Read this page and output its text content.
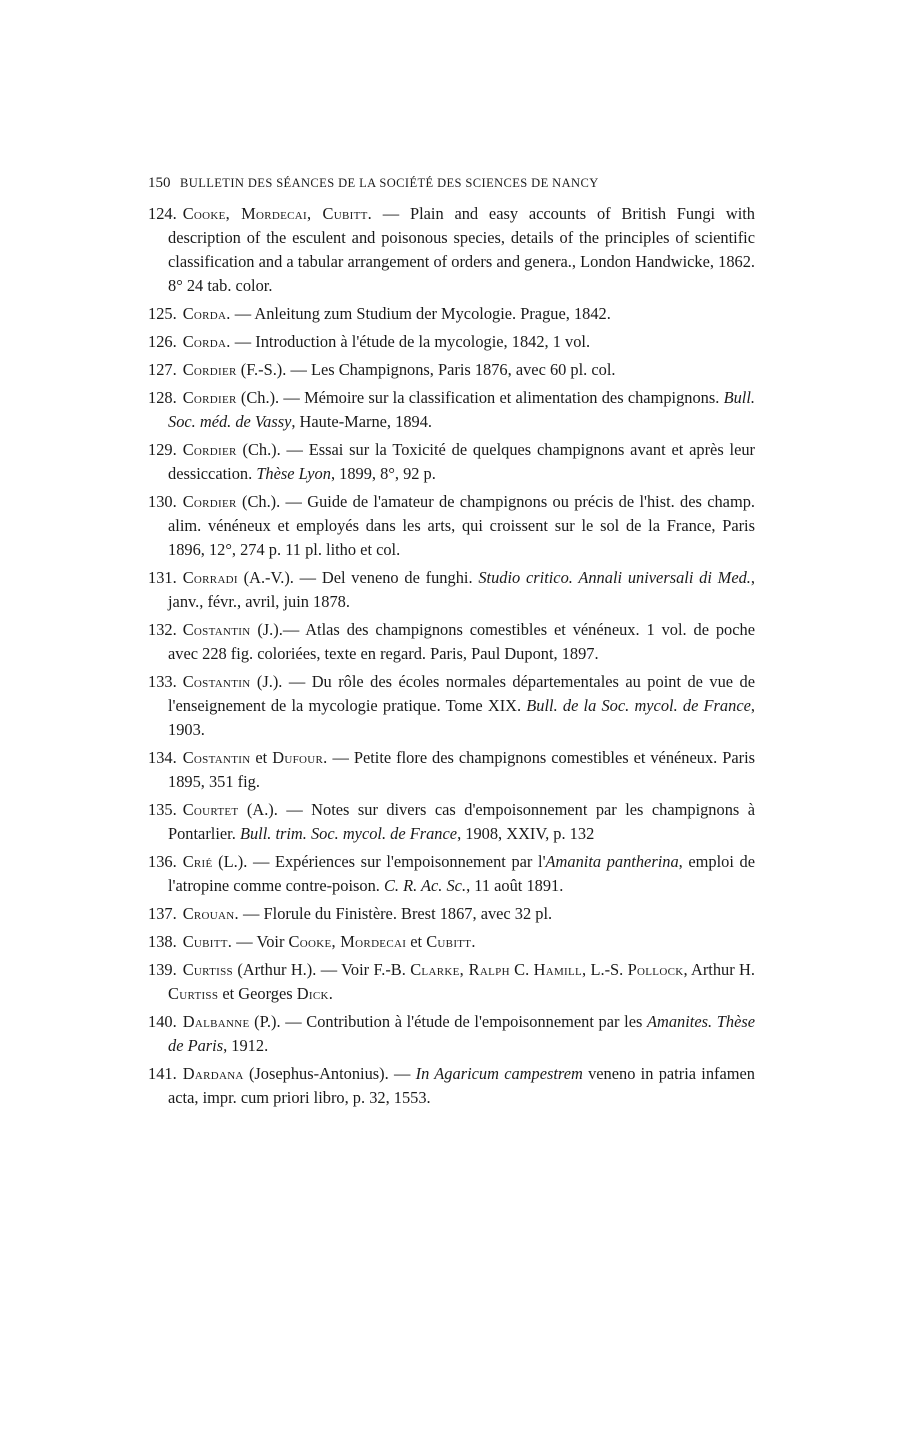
150 BULLETIN DES SÉANCES DE LA SOCIÉTÉ DES SCIENCES DE NANCY
124. Cooke, Mordecai, Cubitt. — Plain and easy accounts of British Fungi with description of the esculent and poisonous species, details of the principles of scientific classification and a tabular arrangement of orders and genera., London Handwicke, 1862. 8° 24 tab. color.
125. Corda. — Anleitung zum Studium der Mycologie. Prague, 1842.
126. Corda. — Introduction à l'étude de la mycologie, 1842, 1 vol.
127. Cordier (F.-S.). — Les Champignons, Paris 1876, avec 60 pl. col.
128. Cordier (Ch.). — Mémoire sur la classification et alimentation des champignons. Bull. Soc. méd. de Vassy, Haute-Marne, 1894.
129. Cordier (Ch.). — Essai sur la Toxicité de quelques champignons avant et après leur dessiccation. Thèse Lyon, 1899, 8°, 92 p.
130. Cordier (Ch.). — Guide de l'amateur de champignons ou précis de l'hist. des champ. alim. vénéneux et employés dans les arts, qui croissent sur le sol de la France, Paris 1896, 12°, 274 p. 11 pl. litho et col.
131. Corradi (A.-V.). — Del veneno de funghi. Studio critico. Annali universali di Med., janv., févr., avril, juin 1878.
132. Costantin (J.).— Atlas des champignons comestibles et vénéneux. 1 vol. de poche avec 228 fig. coloriées, texte en regard. Paris, Paul Dupont, 1897.
133. Costantin (J.). — Du rôle des écoles normales départementales au point de vue de l'enseignement de la mycologie pratique. Tome XIX. Bull. de la Soc. mycol. de France, 1903.
134. Costantin et Dufour. — Petite flore des champignons comestibles et vénéneux. Paris 1895, 351 fig.
135. Courtet (A.). — Notes sur divers cas d'empoisonnement par les champignons à Pontarlier. Bull. trim. Soc. mycol. de France, 1908, XXIV, p. 132
136. Crié (L.). — Expériences sur l'empoisonnement par l'Amanita pantherina, emploi de l'atropine comme contre-poison. C. R. Ac. Sc., 11 août 1891.
137. Crouan. — Florule du Finistère. Brest 1867, avec 32 pl.
138. Cubitt. — Voir Cooke, Mordecai et Cubitt.
139. Curtiss (Arthur H.). — Voir F.-B. Clarke, Ralph C. Hamill, L.-S. Pollock, Arthur H. Curtiss et Georges Dick.
140. Dalbanne (P.). — Contribution à l'étude de l'empoisonnement par les Amanites. Thèse de Paris, 1912.
141. Dardana (Josephus-Antonius). — In Agaricum campestrem veneno in patria infamen acta, impr. cum priori libro, p. 32, 1553.
